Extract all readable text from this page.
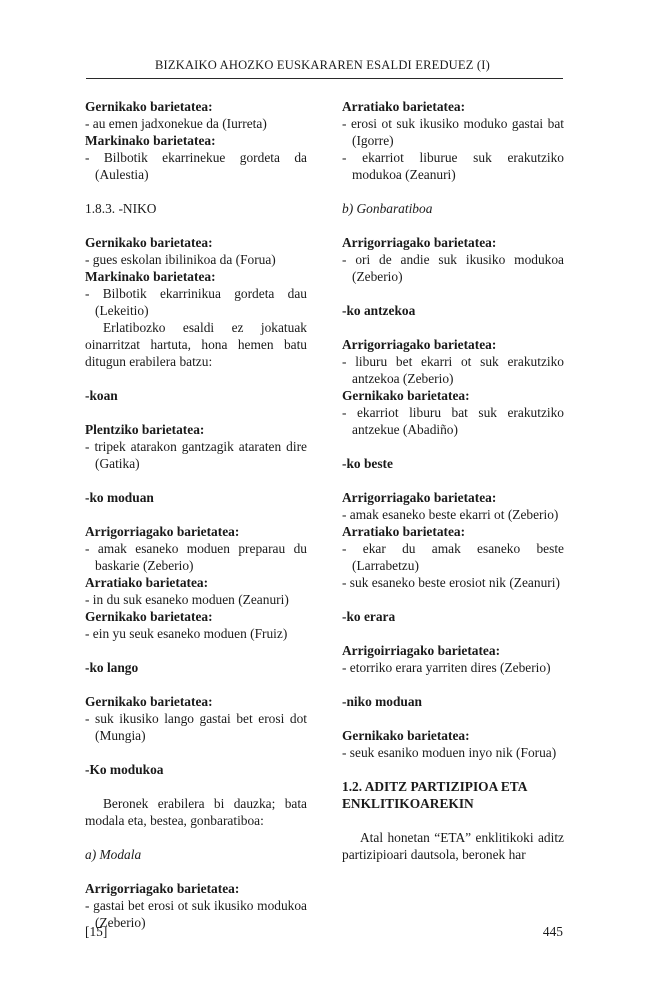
BIZKAIKO AHOZKO EUSKARAREN ESALDI EREDUEZ (I)
Gernikako barietatea:
- au emen jadxonekue da (Iurreta)
Markinako barietatea:
- Bilbotik ekarrinekue gordeta da (Aulestia)
1.8.3. -NIKO
Gernikako barietatea:
- gues eskolan ibilinikoa da (Forua)
Markinako barietatea:
- Bilbotik ekarrinikua gordeta dau (Lekeitio)
Erlatibozko esaldi ez jokatuak oinarritzat hartuta, hona hemen batu ditugun erabilera batzu:
-koan
Plentziko barietatea:
- tripek atarakon gantzagik ataraten dire (Gatika)
-ko moduan
Arrigorriagako barietatea:
- amak esaneko moduen preparau du baskarie (Zeberio)
Arratiako barietatea:
- in du suk esaneko moduen (Zeanuri)
Gernikako barietatea:
- ein yu seuk esaneko moduen (Fruiz)
-ko lango
Gernikako barietatea:
- suk ikusiko lango gastai bet erosi dot (Mungia)
-Ko modukoa
Beronek erabilera bi dauzka; bata modala eta, bestea, gonbaratiboa:
a) Modala
Arrigorriagako barietatea:
- gastai bet erosi ot suk ikusiko modukoa (Zeberio)
Arratiako barietatea:
- erosi ot suk ikusiko moduko gastai bat (Igorre)
- ekarriot liburue suk erakutziko modukoa (Zeanuri)
b) Gonbaratiboa
Arrigorriagako barietatea:
- ori de andie suk ikusiko modukoa (Zeberio)
-ko antzekoa
Arrigorriagako barietatea:
- liburu bet ekarri ot suk erakutziko antzekoa (Zeberio)
Gernikako barietatea:
- ekarriot liburu bat suk erakutziko antzekue (Abadiño)
-ko beste
Arrigorriagako barietatea:
- amak esaneko beste ekarri ot (Zeberio)
Arratiako barietatea:
- ekar du amak esaneko beste (Larrabetzu)
- suk esaneko beste erosiot nik (Zeanuri)
-ko erara
Arrigoirriagako barietatea:
- etorriko erara yarriten dires (Zeberio)
-niko moduan
Gernikako barietatea:
- seuk esaniko moduen inyo nik (Forua)
1.2. ADITZ PARTIZIPIOA ETA ENKLITIKOAREKIN
Atal honetan “ETA” enklitikoki aditz partizipioari dautsola, beronek har
[15]	445
